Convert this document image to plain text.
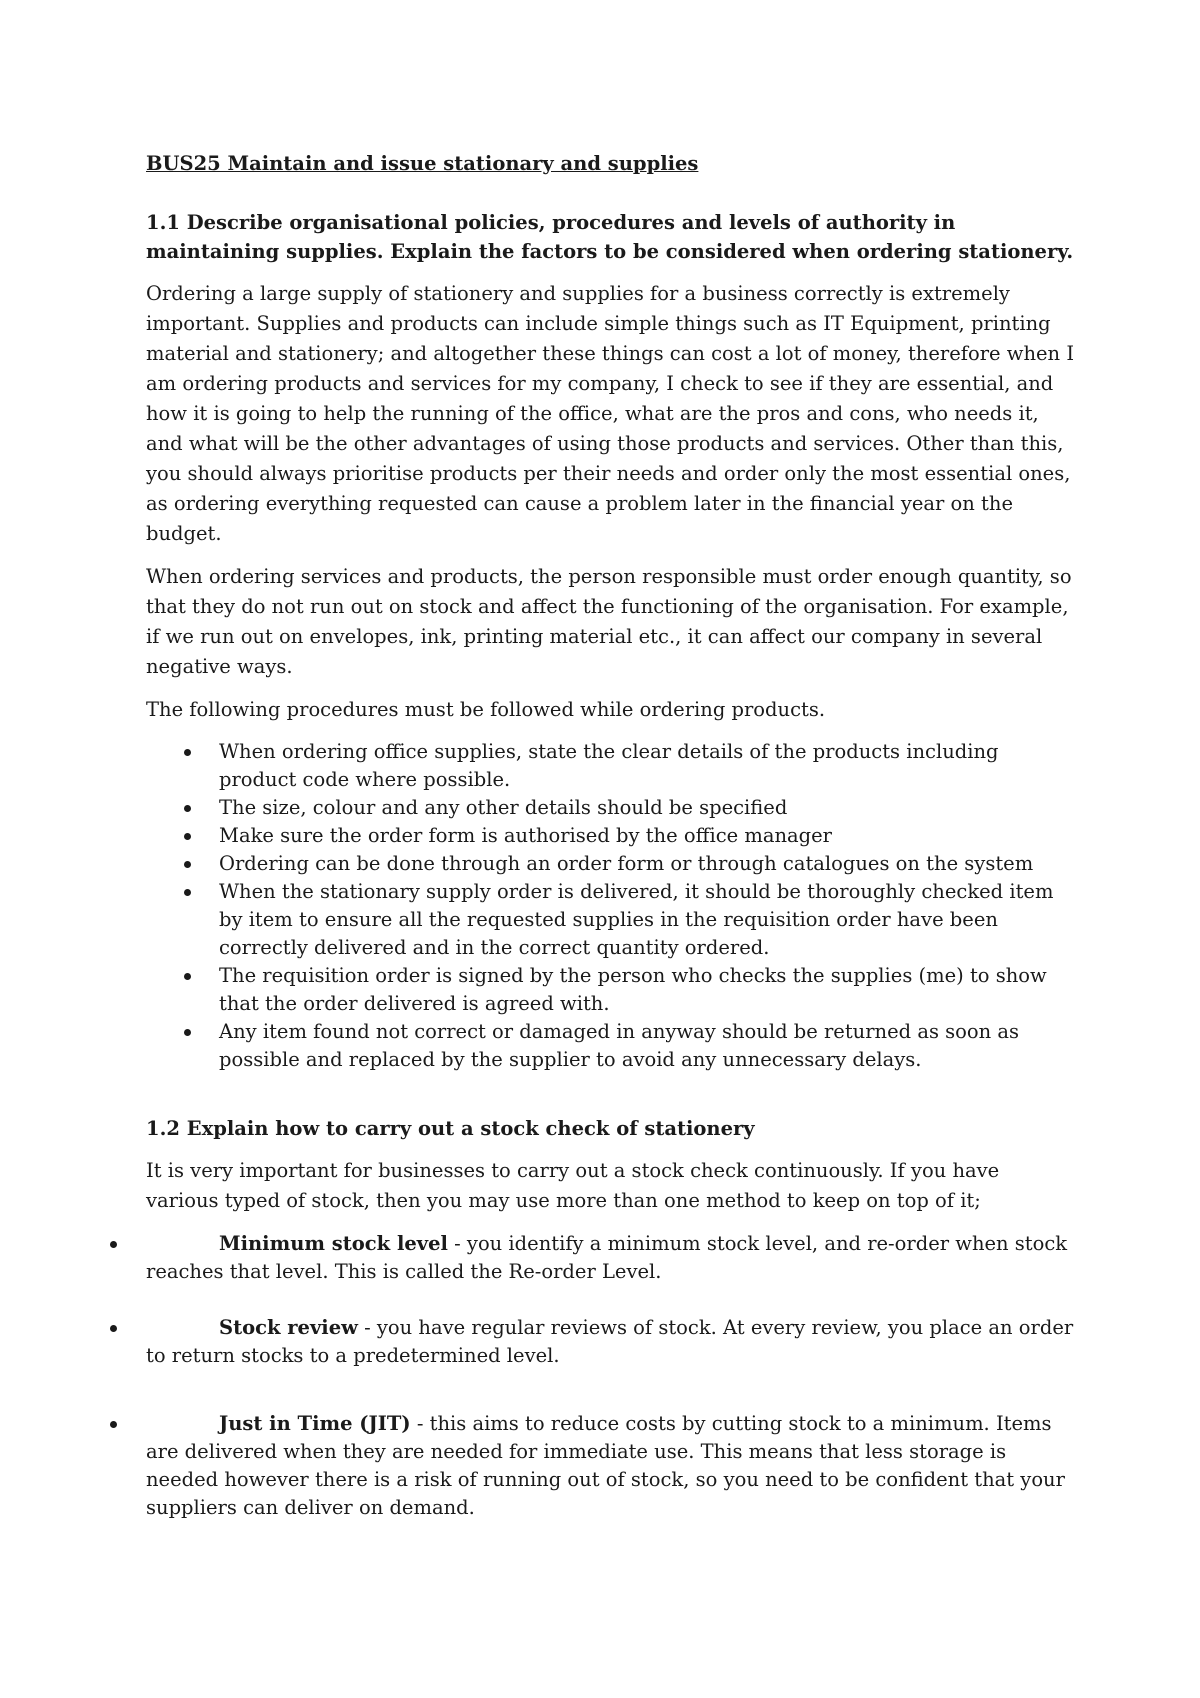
BUS25 Maintain and issue stationary and supplies
1.1 Describe organisational policies, procedures and levels of authority in maintaining supplies. Explain the factors to be considered when ordering stationery.

Ordering a large supply of stationery and supplies for a business correctly is extremely important. Supplies and products can include simple things such as IT Equipment, printing material and stationery; and altogether these things can cost a lot of money, therefore when I am ordering products and services for my company, I check to see if they are essential, and how it is going to help the running of the office, what are the pros and cons, who needs it, and what will be the other advantages of using those products and services. Other than this, you should always prioritise products per their needs and order only the most essential ones, as ordering everything requested can cause a problem later in the financial year on the budget.

When ordering services and products, the person responsible must order enough quantity, so that they do not run out on stock and affect the functioning of the organisation. For example, if we run out on envelopes, ink, printing material etc., it can affect our company in several negative ways.

The following procedures must be followed while ordering products.

When ordering office supplies, state the clear details of the products including product code where possible.
The size, colour and any other details should be specified
Make sure the order form is authorised by the office manager
Ordering can be done through an order form or through catalogues on the system
When the stationary supply order is delivered, it should be thoroughly checked item by item to ensure all the requested supplies in the requisition order have been correctly delivered and in the correct quantity ordered.
The requisition order is signed by the person who checks the supplies (me) to show that the order delivered is agreed with.
Any item found not correct or damaged in anyway should be returned as soon as possible and replaced by the supplier to avoid any unnecessary delays.
1.2 Explain how to carry out a stock check of stationery

It is very important for businesses to carry out a stock check continuously. If you have various typed of stock, then you may use more than one method to keep on top of it;

Minimum stock level - you identify a minimum stock level, and re-order when stock reaches that level. This is called the Re-order Level.
Stock review - you have regular reviews of stock. At every review, you place an order to return stocks to a predetermined level.
Just in Time (JIT) - this aims to reduce costs by cutting stock to a minimum. Items are delivered when they are needed for immediate use. This means that less storage is needed however there is a risk of running out of stock, so you need to be confident that your suppliers can deliver on demand.
